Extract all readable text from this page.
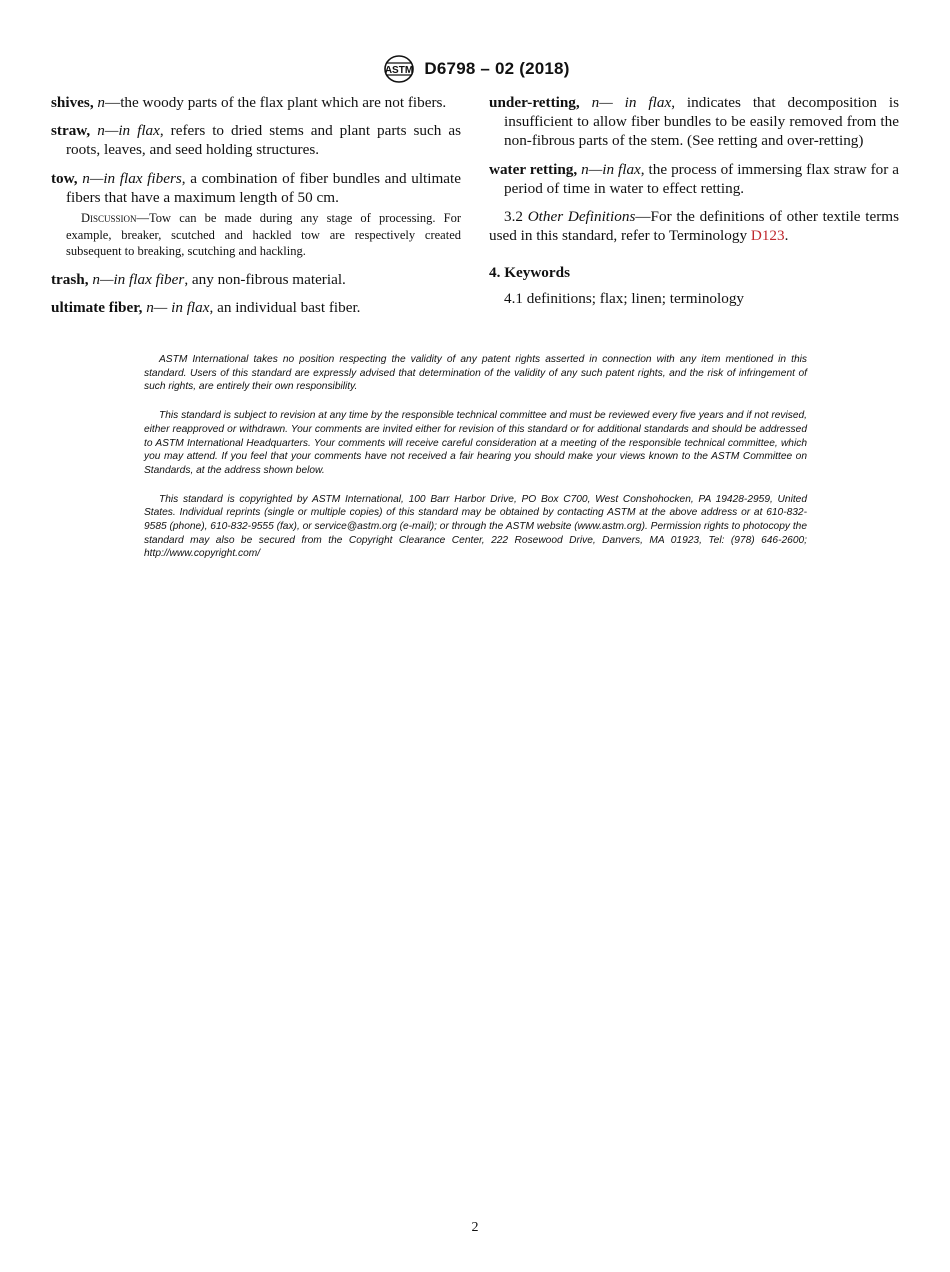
ASTM D6798 – 02 (2018)

shives, n—the woody parts of the flax plant which are not fibers.

straw, n—in flax, refers to dried stems and plant parts such as roots, leaves, and seed holding structures.

tow, n—in flax fibers, a combination of fiber bundles and ultimate fibers that have a maximum length of 50 cm.

Discussion—Tow can be made during any stage of processing. For example, breaker, scutched and hackled tow are respectively created subsequent to breaking, scutching and hackling.

trash, n—in flax fiber, any non-fibrous material.

ultimate fiber, n— in flax, an individual bast fiber.

under-retting, n— in flax, indicates that decomposition is insufficient to allow fiber bundles to be easily removed from the non-fibrous parts of the stem. (See retting and over-retting)

water retting, n—in flax, the process of immersing flax straw for a period of time in water to effect retting.

3.2 Other Definitions—For the definitions of other textile terms used in this standard, refer to Terminology D123.

4. Keywords

4.1 definitions; flax; linen; terminology

ASTM International takes no position respecting the validity of any patent rights asserted in connection with any item mentioned in this standard. Users of this standard are expressly advised that determination of the validity of any such patent rights, and the risk of infringement of such rights, are entirely their own responsibility.

This standard is subject to revision at any time by the responsible technical committee and must be reviewed every five years and if not revised, either reapproved or withdrawn. Your comments are invited either for revision of this standard or for additional standards and should be addressed to ASTM International Headquarters. Your comments will receive careful consideration at a meeting of the responsible technical committee, which you may attend. If you feel that your comments have not received a fair hearing you should make your views known to the ASTM Committee on Standards, at the address shown below.

This standard is copyrighted by ASTM International, 100 Barr Harbor Drive, PO Box C700, West Conshohocken, PA 19428-2959, United States. Individual reprints (single or multiple copies) of this standard may be obtained by contacting ASTM at the above address or at 610-832-9585 (phone), 610-832-9555 (fax), or service@astm.org (e-mail); or through the ASTM website (www.astm.org). Permission rights to photocopy the standard may also be secured from the Copyright Clearance Center, 222 Rosewood Drive, Danvers, MA 01923, Tel: (978) 646-2600; http://www.copyright.com/

2
